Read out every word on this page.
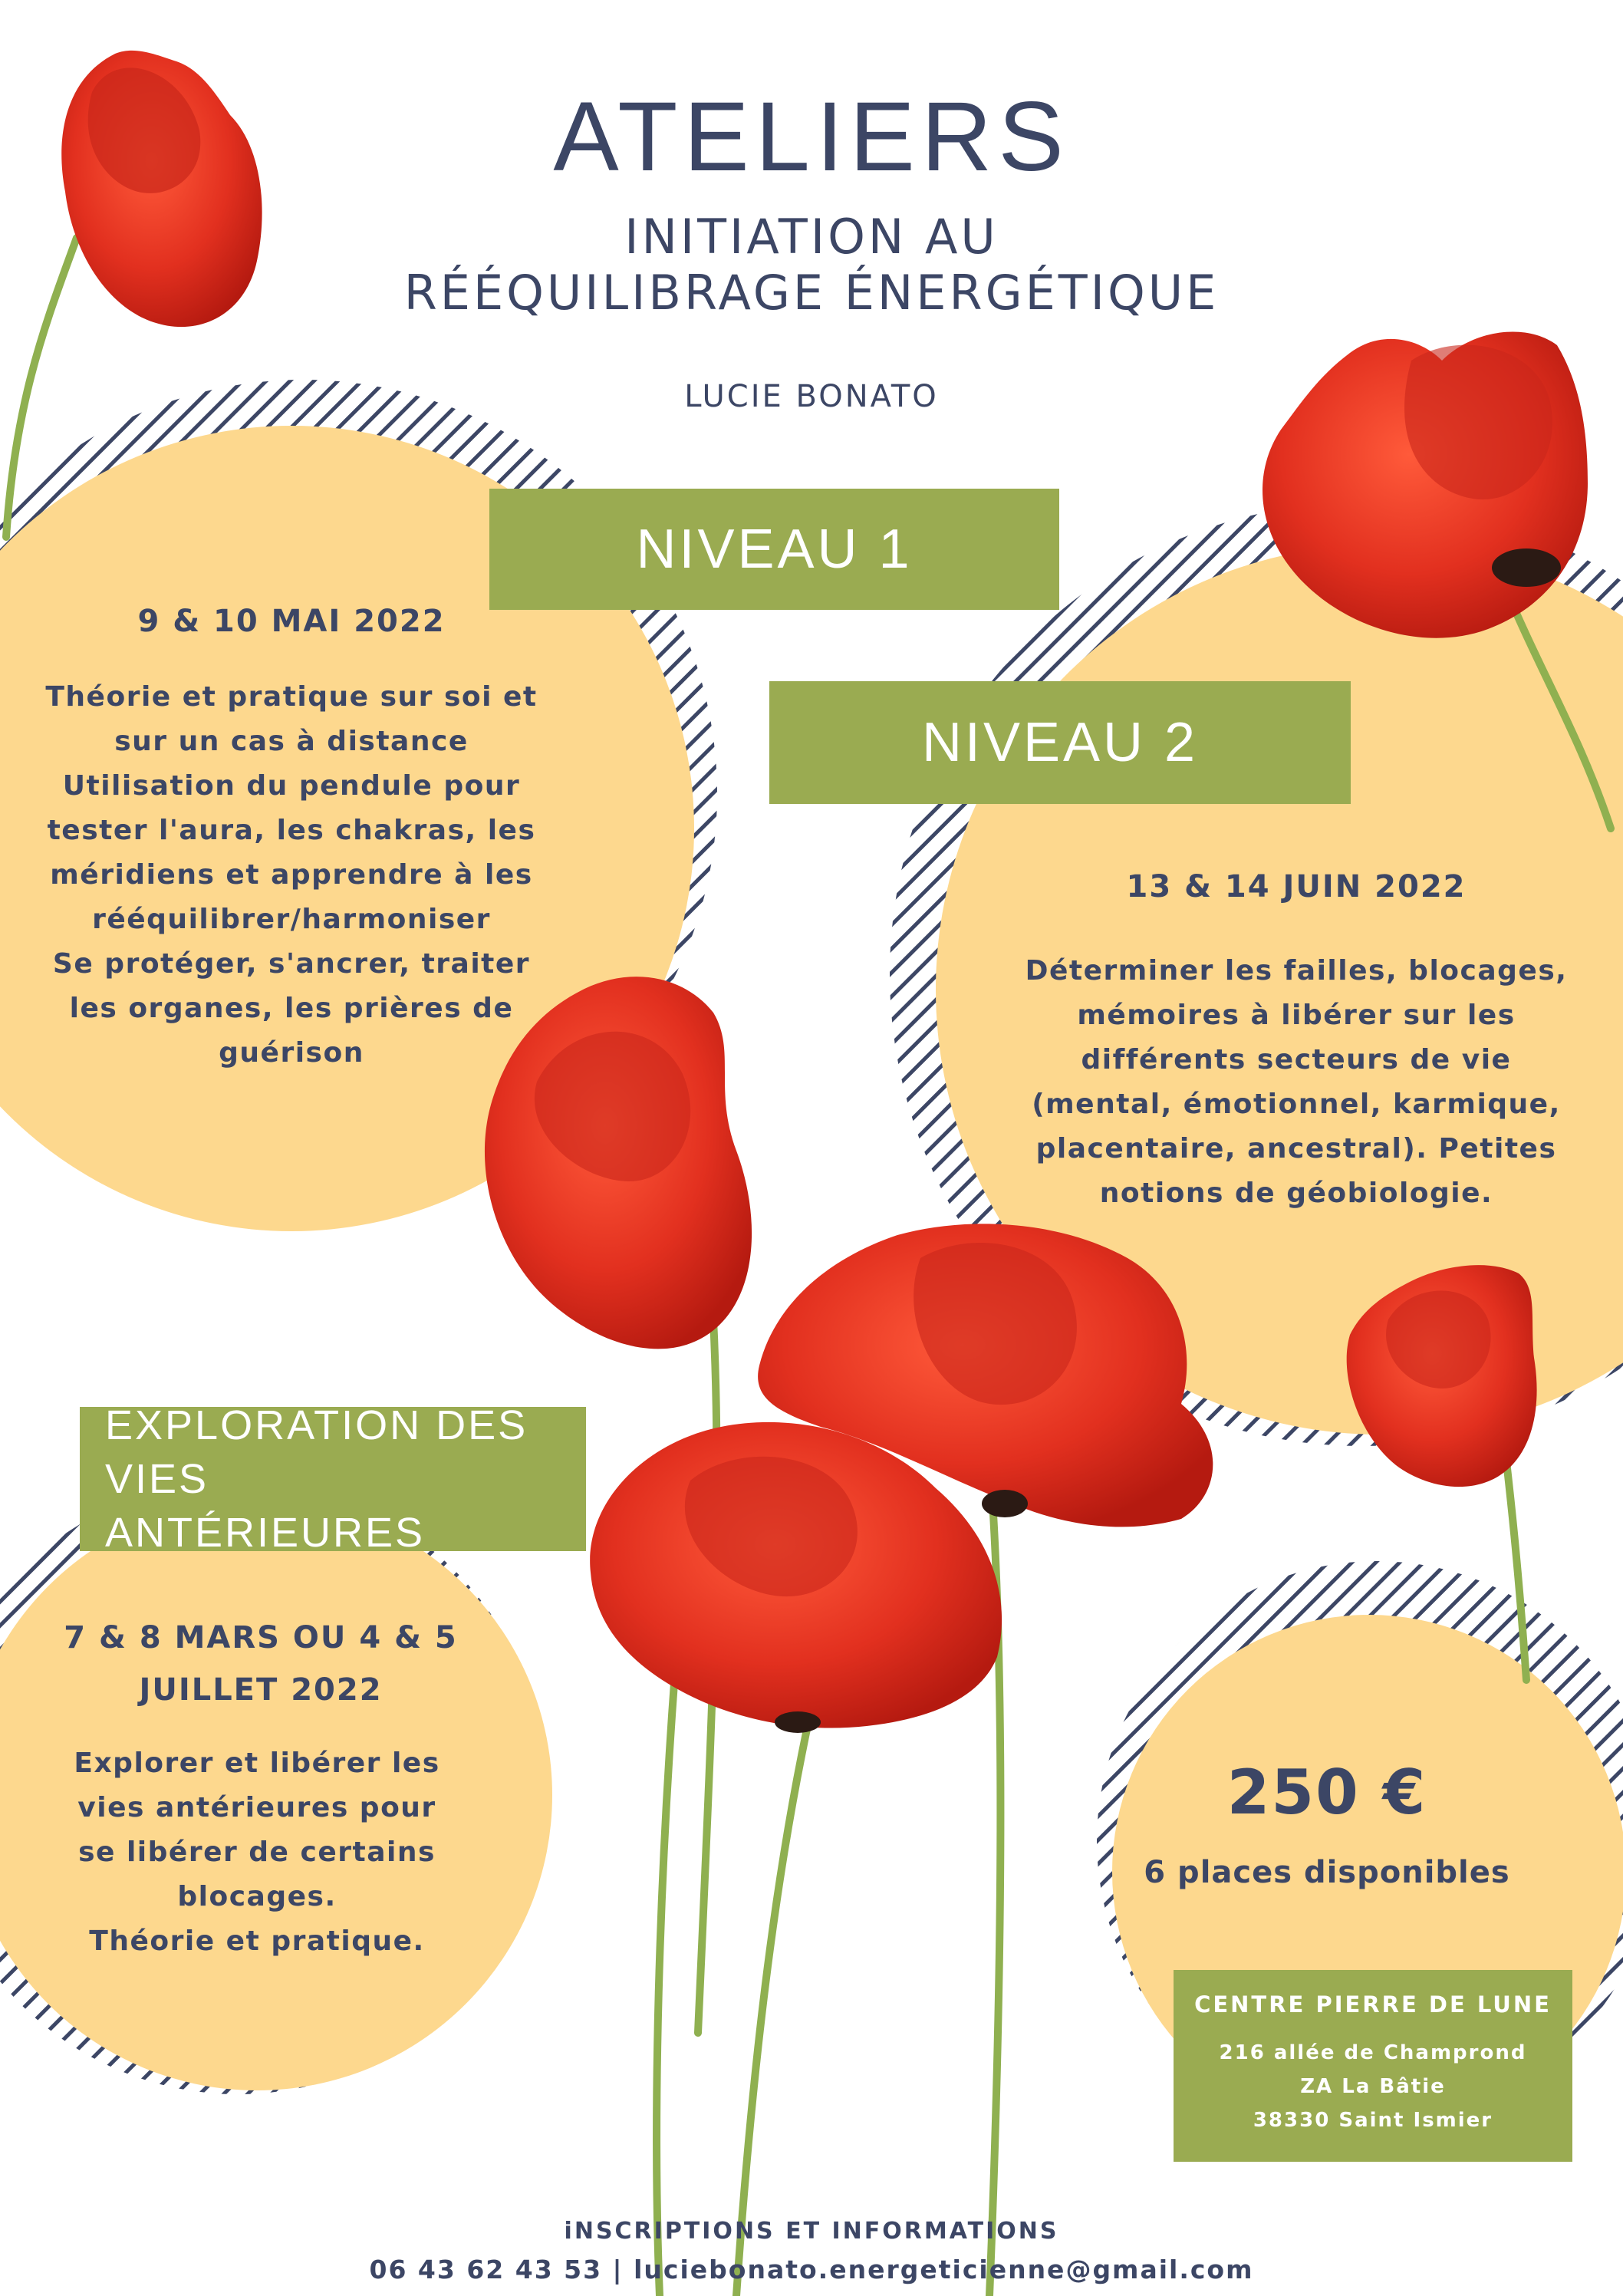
ATELIERS
INITIATION AU
RÉÉQUILIBRAGE ÉNERGÉTIQUE
LUCIE BONATO
NIVEAU 1
9 & 10 MAI 2022
Théorie et pratique sur soi et
sur un cas à distance
Utilisation du pendule pour
tester l'aura, les chakras, les
méridiens et apprendre à les
rééquilibrer/harmoniser
Se protéger, s'ancrer, traiter
les organes, les prières de
guérison
NIVEAU 2
13 & 14 JUIN 2022
Déterminer les failles, blocages,
mémoires à libérer sur les
différents secteurs de vie
(mental, émotionnel, karmique,
placentaire, ancestral). Petites
notions de géobiologie.
EXPLORATION DES VIES
ANTÉRIEURES
7 & 8 MARS OU 4 & 5
JUILLET 2022
Explorer et libérer les
vies antérieures pour
se libérer de certains
blocages.
Théorie et pratique.
250 €
6 places disponibles
CENTRE PIERRE DE LUNE
216 allée de Champrond
ZA La Bâtie
38330 Saint Ismier
iNSCRIPTIONS ET INFORMATIONS
06 43 62 43 53 | luciebonato.energeticienne@gmail.com
